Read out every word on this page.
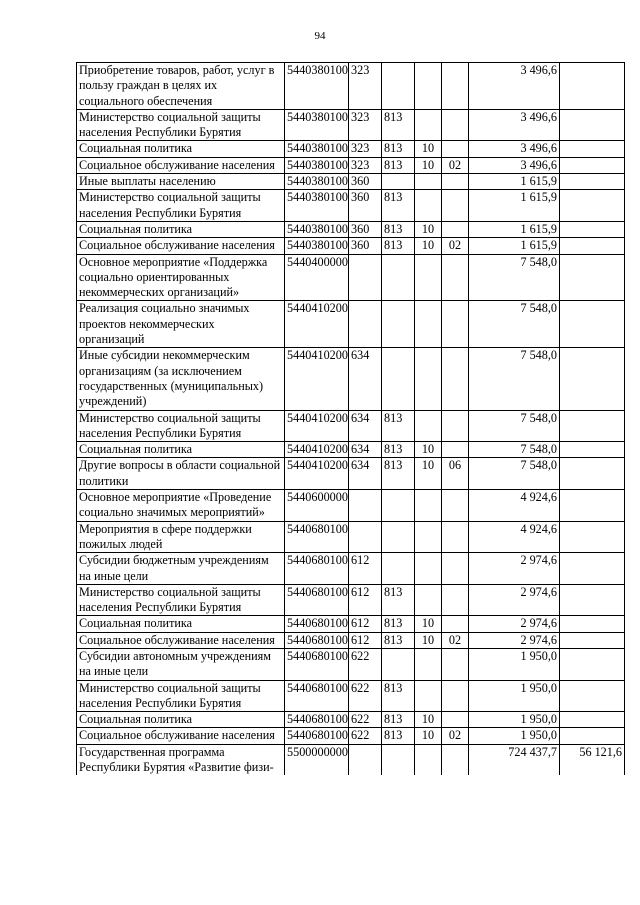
94
Приобретение товаров, работ, услуг в пользу граждан в целях их социального обеспечения	5440380100	323				3 496,6	
Министерство социальной защиты населения Республики Бурятия	5440380100	323	813			3 496,6	
Социальная политика	5440380100	323	813	10		3 496,6	
Социальное обслуживание населения	5440380100	323	813	10	02	3 496,6	
Иные выплаты населению	5440380100	360				1 615,9	
Министерство социальной защиты населения Республики Бурятия	5440380100	360	813			1 615,9	
Социальная политика	5440380100	360	813	10		1 615,9	
Социальное обслуживание населения	5440380100	360	813	10	02	1 615,9	
Основное мероприятие «Поддержка социально ориентированных некоммерческих организаций»	5440400000					7 548,0	
Реализация социально значимых проектов некоммерческих организаций	5440410200					7 548,0	
Иные субсидии некоммерческим организациям (за исключением государственных (муниципальных) учреждений)	5440410200	634				7 548,0	
Министерство социальной защиты населения Республики Бурятия	5440410200	634	813			7 548,0	
Социальная политика	5440410200	634	813	10		7 548,0	
Другие вопросы в области социальной политики	5440410200	634	813	10	06	7 548,0	
Основное мероприятие «Проведение социально значимых мероприятий»	5440600000					4 924,6	
Мероприятия в сфере поддержки пожилых людей	5440680100					4 924,6	
Субсидии бюджетным учреждениям на иные цели	5440680100	612				2 974,6	
Министерство социальной защиты населения Республики Бурятия	5440680100	612	813			2 974,6	
Социальная политика	5440680100	612	813	10		2 974,6	
Социальное обслуживание населения	5440680100	612	813	10	02	2 974,6	
Субсидии автономным учреждениям на иные цели	5440680100	622				1 950,0	
Министерство социальной защиты населения Республики Бурятия	5440680100	622	813			1 950,0	
Социальная политика	5440680100	622	813	10		1 950,0	
Социальное обслуживание населения	5440680100	622	813	10	02	1 950,0	
Государственная программа Республики Бурятия «Развитие физи-	5500000000					724 437,7	56 121,6
